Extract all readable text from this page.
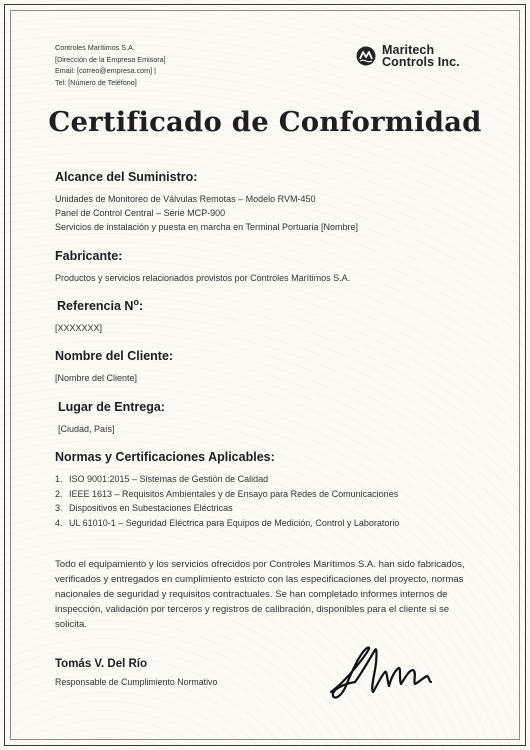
Controles Marítimos S.A.
[Dirección de la Empresa Emisora]
Email: [correo@empresa.com] |
Tel: [Número de Teléfono]
Maritech
Controls Inc.
Certificado de Conformidad
Alcance del Suministro:
Unidades de Monitoreo de Válvulas Remotas – Modelo RVM-450
Panel de Control Central – Serie MCP-900
Servicios de instalación y puesta en marcha en Terminal Portuaria [Nombre]
Fabricante:
Productos y servicios relacionados provistos por Controles Marítimos S.A.
Referencia $N^o$:
[XXXXXXX]
Nombre del Cliente:
[Nombre del Cliente]
Lugar de Entrega:
[Ciudad, País]
Normas y Certificaciones Aplicables:
1. ISO 9001:2015 – Sistemas de Gestión de Calidad
2. IEEE 1613 – Requisitos Ambientales y de Ensayo para Redes de Comunicaciones
3. Dispositivos en Subestaciones Eléctricas
4. UL 61010-1 – Seguridad Eléctrica para Equipos de Medición, Control y Laboratorio
Todo el equipamiento y los servicios ofrecidos por Controles Marítimos S.A. han sido fabricados, verificados y entregados en cumplimiento estricto con las especificaciones del proyecto, normas nacionales de seguridad y requisitos contractuales. Se han completado informes internos de inspección, validación por terceros y registros de calibración, disponibles para el cliente si se solicita.
Tomás V. Del Río
Responsable de Cumplimiento Normativo
